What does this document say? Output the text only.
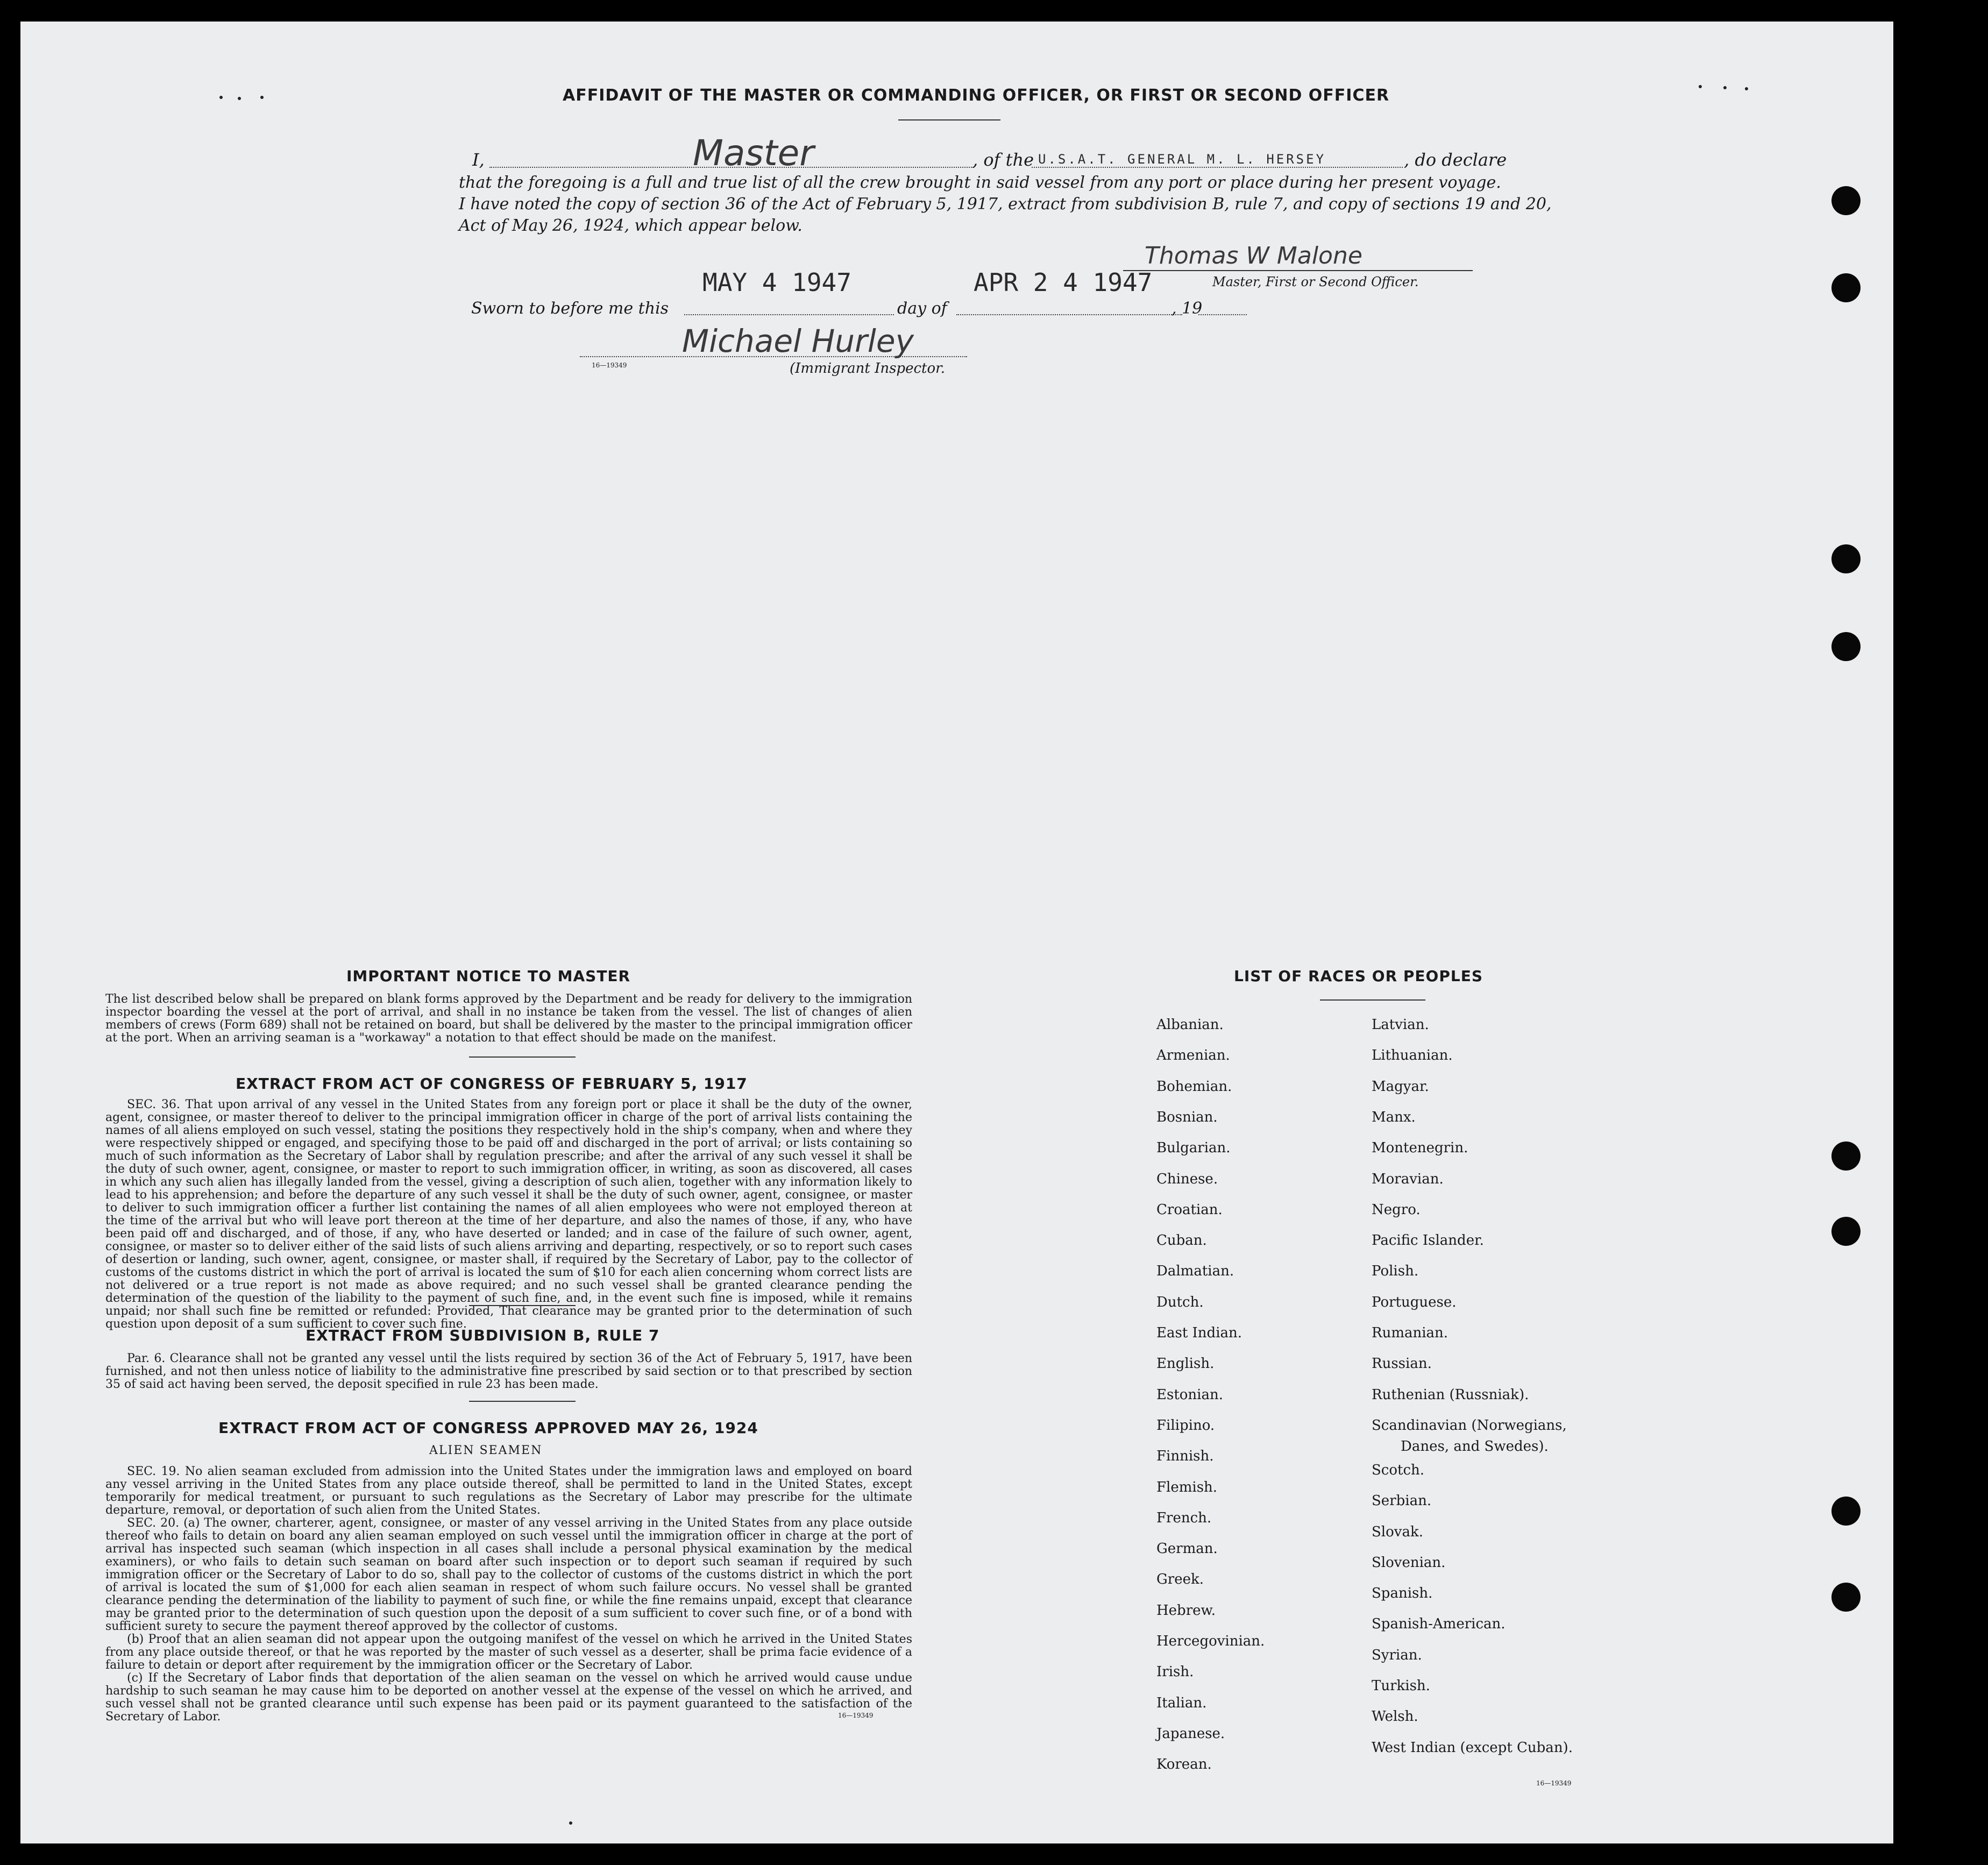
AFFIDAVIT OF THE MASTER OR COMMANDING OFFICER, OR FIRST OR SECOND OFFICER
I,	Master	, of the U.S.A.T. GENERAL M. L. HERSEY	, do declare
that the foregoing is a full and true list of all the crew brought in said vessel from any port or place during her present voyage.
I have noted the copy of section 36 of the Act of February 5, 1917, extract from subdivision B, rule 7, and copy of sections 19 and 20,
Act of May 26, 1924, which appear below.
MAY 4 1947	APR 2 4 1947
Thomas W Malone
Master, First or Second Officer.
Sworn to before me this	day of	, 19
Michael Hurley
16—19349	(Immigrant Inspector.
IMPORTANT NOTICE TO MASTER

The list described below shall be prepared on blank forms approved by the Department and be ready for delivery to the immigration inspector boarding the vessel at the port of arrival, and shall in no instance be taken from the vessel. The list of changes of alien members of crews (Form 689) shall not be retained on board, but shall be delivered by the master to the principal immigration officer at the port. When an arriving seaman is a "workaway" a notation to that effect should be made on the manifest.

EXTRACT FROM ACT OF CONGRESS OF FEBRUARY 5, 1917

SEC. 36. That upon arrival of any vessel in the United States from any foreign port or place it shall be the duty of the owner, agent, consignee, or master thereof to deliver to the principal immigration officer in charge of the port of arrival lists containing the names of all aliens employed on such vessel, stating the positions they respectively hold in the ship's company, when and where they were respectively shipped or engaged, and specifying those to be paid off and discharged in the port of arrival; or lists containing so much of such information as the Secretary of Labor shall by regulation prescribe; and after the arrival of any such vessel it shall be the duty of such owner, agent, consignee, or master to report to such immigration officer, in writing, as soon as discovered, all cases in which any such alien has illegally landed from the vessel, giving a description of such alien, together with any information likely to lead to his apprehension; and before the departure of any such vessel it shall be the duty of such owner, agent, consignee, or master to deliver to such immigration officer a further list containing the names of all alien employees who were not employed thereon at the time of the arrival but who will leave port thereon at the time of her departure, and also the names of those, if any, who have been paid off and discharged, and of those, if any, who have deserted or landed; and in case of the failure of such owner, agent, consignee, or master so to deliver either of the said lists of such aliens arriving and departing, respectively, or so to report such cases of desertion or landing, such owner, agent, consignee, or master shall, if required by the Secretary of Labor, pay to the collector of customs of the customs district in which the port of arrival is located the sum of $10 for each alien concerning whom correct lists are not delivered or a true report is not made as above required; and no such vessel shall be granted clearance pending the determination of the question of the liability to the payment of such fine, and, in the event such fine is imposed, while it remains unpaid; nor shall such fine be remitted or refunded: Provided, That clearance may be granted prior to the determination of such question upon deposit of a sum sufficient to cover such fine.

EXTRACT FROM SUBDIVISION B, RULE 7

Par. 6. Clearance shall not be granted any vessel until the lists required by section 36 of the Act of February 5, 1917, have been furnished, and not then unless notice of liability to the administrative fine prescribed by said section or to that prescribed by section 35 of said act having been served, the deposit specified in rule 23 has been made.

EXTRACT FROM ACT OF CONGRESS APPROVED MAY 26, 1924
ALIEN SEAMEN

SEC. 19. No alien seaman excluded from admission into the United States under the immigration laws and employed on board any vessel arriving in the United States from any place outside thereof, shall be permitted to land in the United States, except temporarily for medical treatment, or pursuant to such regulations as the Secretary of Labor may prescribe for the ultimate departure, removal, or deportation of such alien from the United States.

SEC. 20. (a) The owner, charterer, agent, consignee, or master of any vessel arriving in the United States from any place outside thereof who fails to detain on board any alien seaman employed on such vessel until the immigration officer in charge at the port of arrival has inspected such seaman (which inspection in all cases shall include a personal physical examination by the medical examiners), or who fails to detain such seaman on board after such inspection or to deport such seaman if required by such immigration officer or the Secretary of Labor to do so, shall pay to the collector of customs of the customs district in which the port of arrival is located the sum of $1,000 for each alien seaman in respect of whom such failure occurs. No vessel shall be granted clearance pending the determination of the liability to payment of such fine, or while the fine remains unpaid, except that clearance may be granted prior to the determination of such question upon the deposit of a sum sufficient to cover such fine, or of a bond with sufficient surety to secure the payment thereof approved by the collector of customs.

(b) Proof that an alien seaman did not appear upon the outgoing manifest of the vessel on which he arrived in the United States from any place outside thereof, or that he was reported by the master of such vessel as a deserter, shall be prima facie evidence of a failure to detain or deport after requirement by the immigration officer or the Secretary of Labor.

(c) If the Secretary of Labor finds that deportation of the alien seaman on the vessel on which he arrived would cause undue hardship to such seaman he may cause him to be deported on another vessel at the expense of the vessel on which he arrived, and such vessel shall not be granted clearance until such expense has been paid or its payment guaranteed to the satisfaction of the Secretary of Labor.	16—19349
LIST OF RACES OR PEOPLES
Albanian.
Armenian.
Bohemian.
Bosnian.
Bulgarian.
Chinese.
Croatian.
Cuban.
Dalmatian.
Dutch.
East Indian.
English.
Estonian.
Filipino.
Finnish.
Flemish.
French.
German.
Greek.
Hebrew.
Hercegovinian.
Irish.
Italian.
Japanese.
Korean.
Latvian.
Lithuanian.
Magyar.
Manx.
Montenegrin.
Moravian.
Negro.
Pacific Islander.
Polish.
Portuguese.
Rumanian.
Russian.
Ruthenian (Russniak).
Scandinavian (Norwegians,
Scotch.
Serbian.
Slovak.
Slovenian.
Spanish.
Spanish-American.
Syrian.
Turkish.
Welsh.
West Indian (except Cuban).
Danes, and Swedes).
16—19349
